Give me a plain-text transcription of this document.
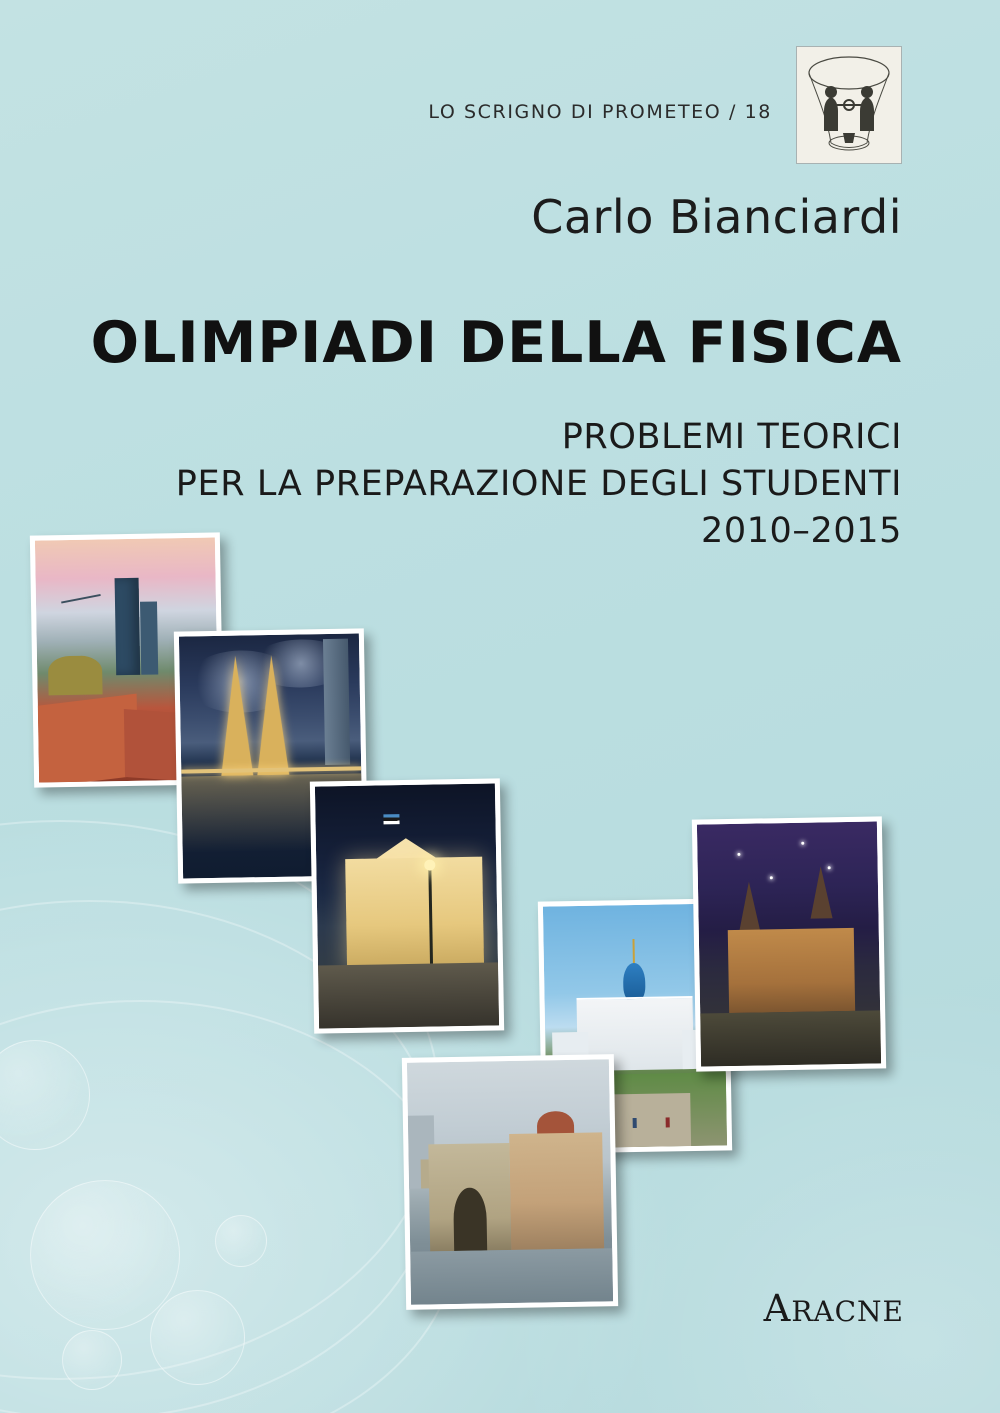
LO SCRIGNO DI PROMETEO / 18
Carlo Bianciardi
OLIMPIADI DELLA FISICA
PROBLEMI TEORICI
PER LA PREPARAZIONE DEGLI STUDENTI
2010–2015
ARACNE
